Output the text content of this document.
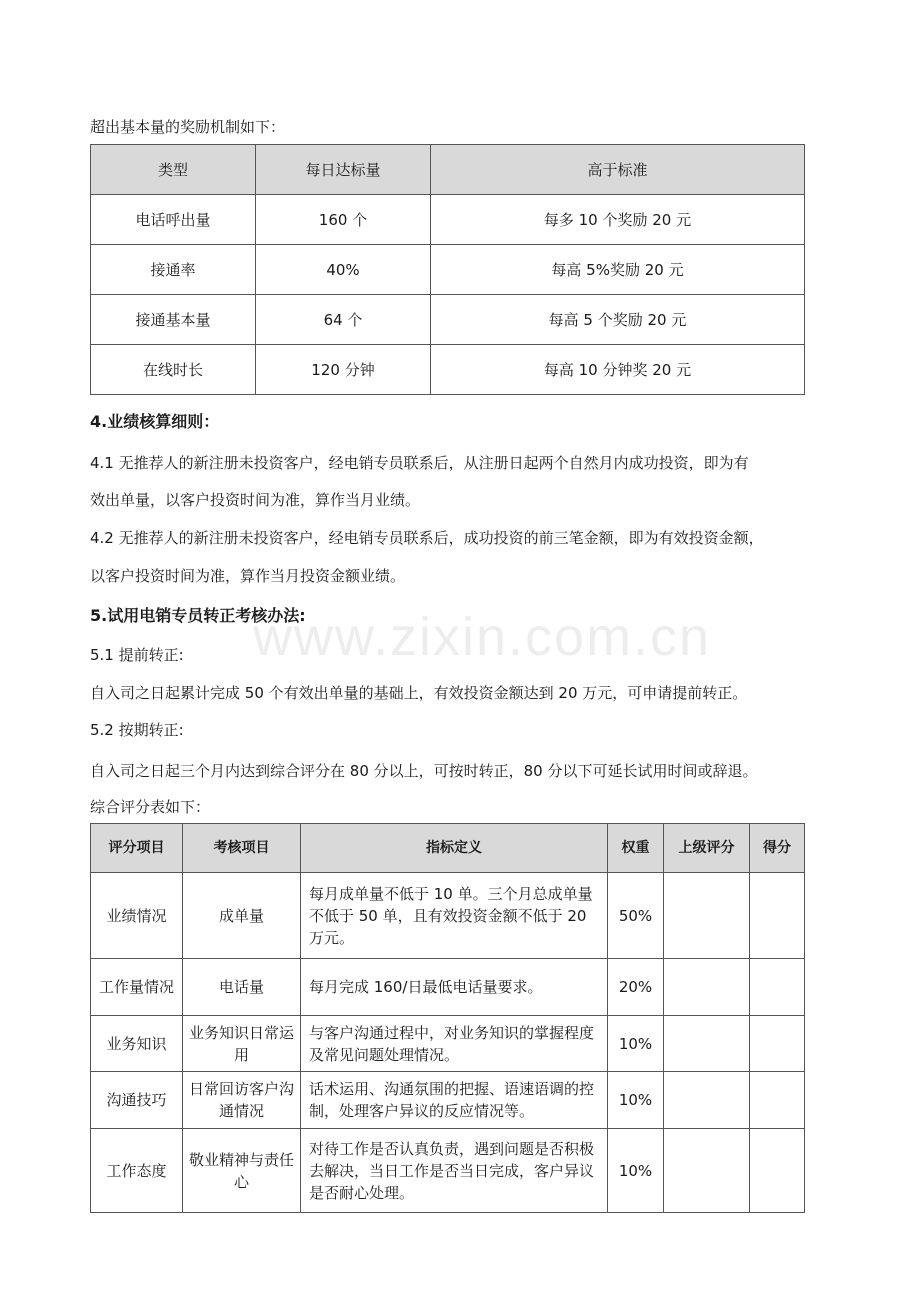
www.zixin.com.cn
超出基本量的奖励机制如下：
类型	每日达标量	高于标准
电话呼出量	160 个	每多 10 个奖励 20 元
接通率	40%	每高 5%奖励 20 元
接通基本量	64 个	每高 5 个奖励 20 元
在线时长	120 分钟	每高 10 分钟奖 20 元
4.业绩核算细则：
4.1 无推荐人的新注册未投资客户，经电销专员联系后，从注册日起两个自然月内成功投资，即为有
效出单量，以客户投资时间为准，算作当月业绩。
4.2 无推荐人的新注册未投资客户，经电销专员联系后，成功投资的前三笔金额，即为有效投资金额，
以客户投资时间为准，算作当月投资金额业绩。
5.试用电销专员转正考核办法:
5.1 提前转正:
自入司之日起累计完成 50 个有效出单量的基础上，有效投资金额达到 20 万元，可申请提前转正。
5.2 按期转正:
自入司之日起三个月内达到综合评分在 80 分以上，可按时转正，80 分以下可延长试用时间或辞退。
综合评分表如下：
评分项目	考核项目	指标定义	权重	上级评分	得分
业绩情况	成单量	每月成单量不低于 10 单。三个月总成单量不低于 50 单，且有效投资金额不低于 20 万元。	50%		
工作量情况	电话量	每月完成 160/日最低电话量要求。	20%		
业务知识	业务知识日常运用	与客户沟通过程中，对业务知识的掌握程度及常见问题处理情况。	10%		
沟通技巧	日常回访客户沟通情况	话术运用、沟通氛围的把握、语速语调的控制，处理客户异议的反应情况等。	10%		
工作态度	敬业精神与责任心	对待工作是否认真负责，遇到问题是否积极去解决，当日工作是否当日完成，客户异议是否耐心处理。	10%		
